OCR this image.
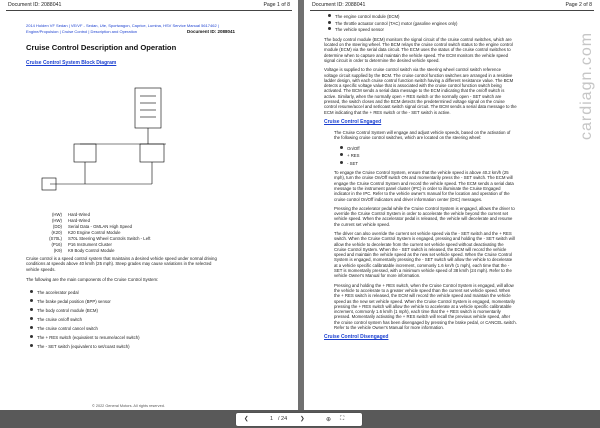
Document ID: 2088041	Page 1 of 8
2014 Holden VF Sedan | VE/VF - Sedan, Ute, Sportwagon, Caprice, Lumina, HSV Service Manual 5617462 |
Engine/Propulsion | Cruise Control | Description and Operation	Document ID: 2088041
Cruise Control Description and Operation
Cruise Control System Block Diagram
(HW) Hard-Wired
(HW) Hard-Wired
(DD) Serial Data - GMLAN High Speed
(K20) K20 Engine Control Module
(S70L) S70L Steering Wheel Controls Switch - Left
(P16) P16 Instrument Cluster
(K9) K9 Body Control Module
Cruise control is a speed control system that maintains a desired vehicle speed under normal driving
conditions at speeds above 40 km/h (25 mph). Steep grades may cause variations in the selected
vehicle speeds.
The following are the main components of the Cruise Control System:
The accelerator pedal
The brake pedal position (BPP) sensor
The body control module (BCM)
The cruise on/off switch
The cruise control cancel switch
The + RES switch (equivalent to resume/accel switch)
The - SET switch (equivalent to set/coast switch)
© 2022 General Motors. All rights reserved.
Document ID: 2088041	Page 2 of 8
The engine control module (ECM)
The throttle actuator control (TAC) motor (gasoline engines only)
The vehicle speed sensor
The body control module (BCM) monitors the signal circuit of the cruise control switches, which are
located on the steering wheel. The BCM relays the cruise control switch status to the engine control
module (ECM) via the serial data circuit. The ECM uses the status of the cruise control switches to
determine when to capture and maintain the vehicle speed. The ECM monitors the vehicle speed
signal circuit in order to determine the desired vehicle speed.
Voltage is supplied to the cruise control switch via the steering wheel control switch reference
voltage circuit supplied by the BCM. The cruise control function switches are arranged in a resistive
ladder design, with each cruise control function switch having a different resistance value. The BCM
detects a specific voltage value that is associated with the cruise control function switch being
activated. The BCM sends a serial data message to the ECM indicating that the on/off switch is
active. Similarly, when the normally open + RES switch or the normally open - SET switch are
pressed, the switch closes and the BCM detects the predetermined voltage signal on the cruise
control resume/accel and set/coast switch signal circuit. The BCM sends a serial data message to the
ECM indicating that the + RES switch or the - SET switch is active.
Cruise Control Engaged
The Cruise Control System will engage and adjust vehicle speeds, based on the activation of
the following cruise control switches, which are located on the steering wheel:
On/Off
+ RES
- SET
To engage the Cruise Control System, ensure that the vehicle speed is above 40.2 km/h (25
mph), turn the cruise On/Off switch ON and momentarily press the - SET switch. The ECM will
engage the Cruise Control System and record the vehicle speed. The ECM sends a serial data
message to the instrument panel cluster (IPC) in order to illuminate the Cruise Engaged
indicator in the IPC. Refer to the vehicle owner's manual for the location and operation of the
cruise control On/Off indicators and driver information center (DIC) messages.
Pressing the accelerator pedal while the Cruise Control System is engaged, allows the driver to
override the Cruise Control System in order to accelerate the vehicle beyond the current set
vehicle speed. When the accelerator pedal is released, the vehicle will decelerate and resume
the current set vehicle speed.
The driver can also override the current set vehicle speed via the - SET switch and the + RES
switch. When the Cruise Control System is engaged, pressing and holding the - SET switch will
allow the vehicle to decelerate from the current set vehicle speed without deactivating the
Cruise Control System. When the - SET switch is released, the ECM will record the vehicle
speed and maintain the vehicle speed as the new set vehicle speed. When the Cruise Control
System is engaged, momentarily pressing the - SET switch will allow the vehicle to decelerate
at a vehicle specific calibratable increment, commonly 1.6 km/h (1 mph), each time that the -
SET is momentarily pressed, with a minimum vehicle speed of 38 km/h (24 mph). Refer to the
vehicle Owner's Manual for more information.
Pressing and holding the + RES switch, when the Cruise Control System is engaged, will allow
the vehicle to accelerate to a greater vehicle speed than the current set vehicle speed. When
the + RES switch is released, the ECM will record the vehicle speed and maintain the vehicle
speed as the new set vehicle speed. When the Cruise Control System is engaged, momentarily
pressing the + RES switch will allow the vehicle to accelerate at a vehicle specific calibratable
increment, commonly 1.6 km/h (1 mph), each time that the + RES switch is momentarily
pressed. Momentarily activating the + RES switch will recall the previous vehicle speed, after
the cruise control system has been disengaged by pressing the brake pedal, or CANCEL switch.
Refer to the vehicle Owner's Manual for more information.
Cruise Control Disengaged
cardiagn.com
❮	1 / 24 ❯	⊕ ⛶
